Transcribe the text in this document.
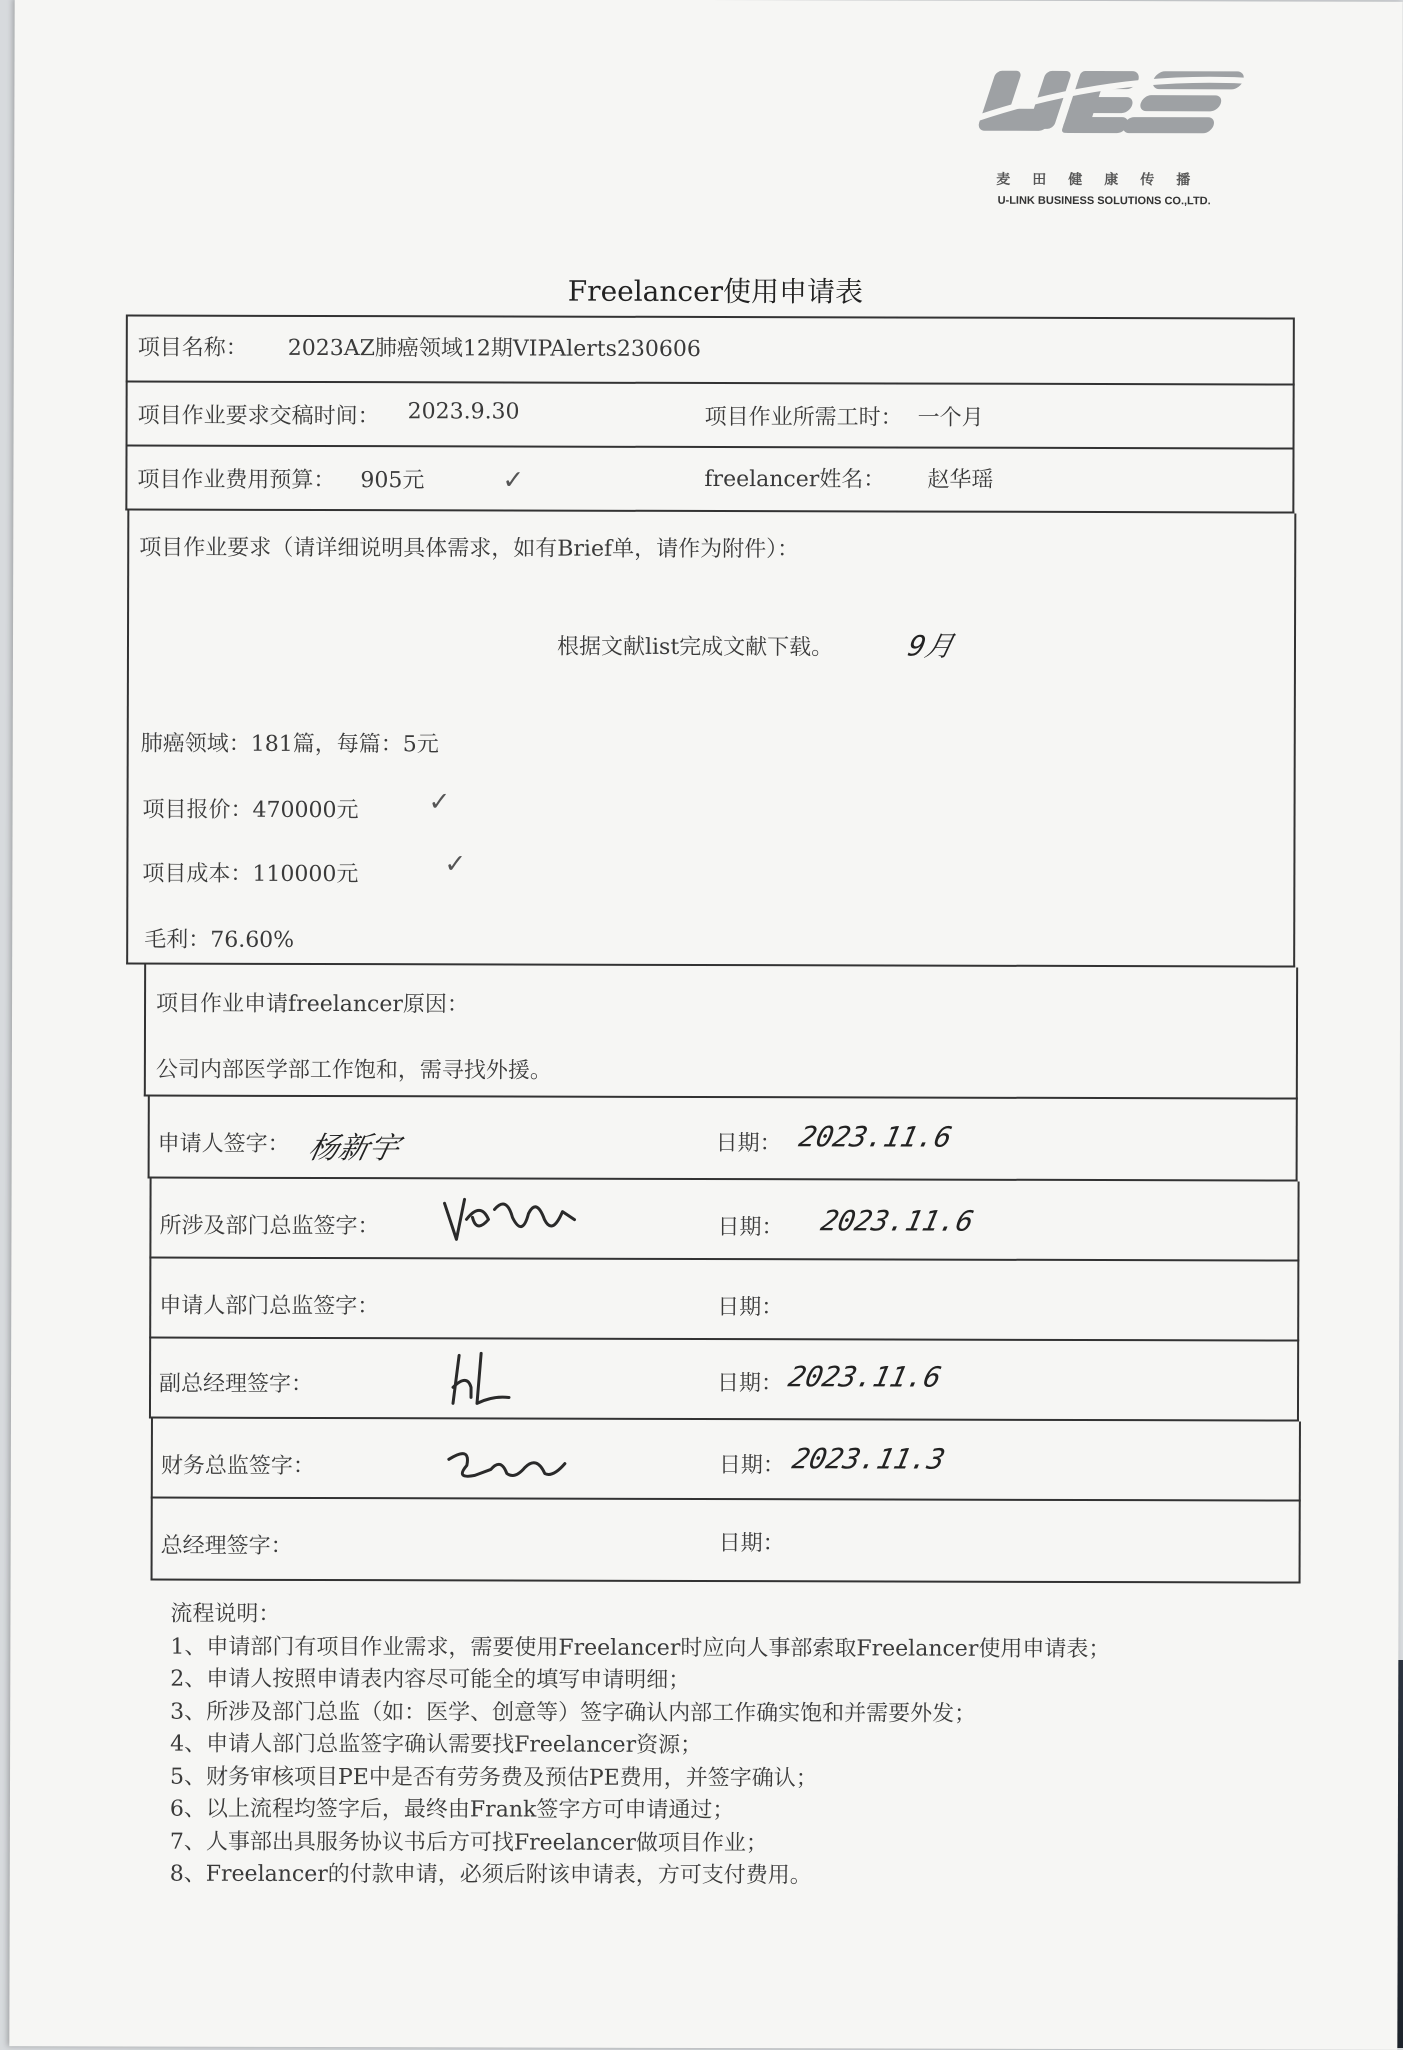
麦田健康传播
U-LINK BUSINESS SOLUTIONS CO.,LTD.
Freelancer使用申请表
项目名称： 2023AZ肺癌领域12期VIPAlerts230606
项目作业要求交稿时间： 2023.9.30	项目作业所需工时： 一个月
项目作业费用预算： 905元	✓	freelancer姓名： 赵华瑶
项目作业要求（请详细说明具体需求，如有Brief单，请作为附件）：
根据文献list完成文献下载。	9月
肺癌领域：181篇，每篇：5元
项目报价：470000元	✓
项目成本：110000元	✓
毛利：76.60%
项目作业申请freelancer原因：
公司内部医学部工作饱和，需寻找外援。
申请人签字： 杨新宇	日期： 2023.11.6
所涉及部门总监签字：	日期： 2023.11.6
申请人部门总监签字：	日期：
副总经理签字：	日期： 2023.11.6
财务总监签字：	日期： 2023.11.3
总经理签字：	日期：
流程说明：
1、申请部门有项目作业需求，需要使用Freelancer时应向人事部索取Freelancer使用申请表；
2、申请人按照申请表内容尽可能全的填写申请明细；
3、所涉及部门总监（如：医学、创意等）签字确认内部工作确实饱和并需要外发；
4、申请人部门总监签字确认需要找Freelancer资源；
5、财务审核项目PE中是否有劳务费及预估PE费用，并签字确认；
6、以上流程均签字后，最终由Frank签字方可申请通过；
7、人事部出具服务协议书后方可找Freelancer做项目作业；
8、Freelancer的付款申请，必须后附该申请表，方可支付费用。
